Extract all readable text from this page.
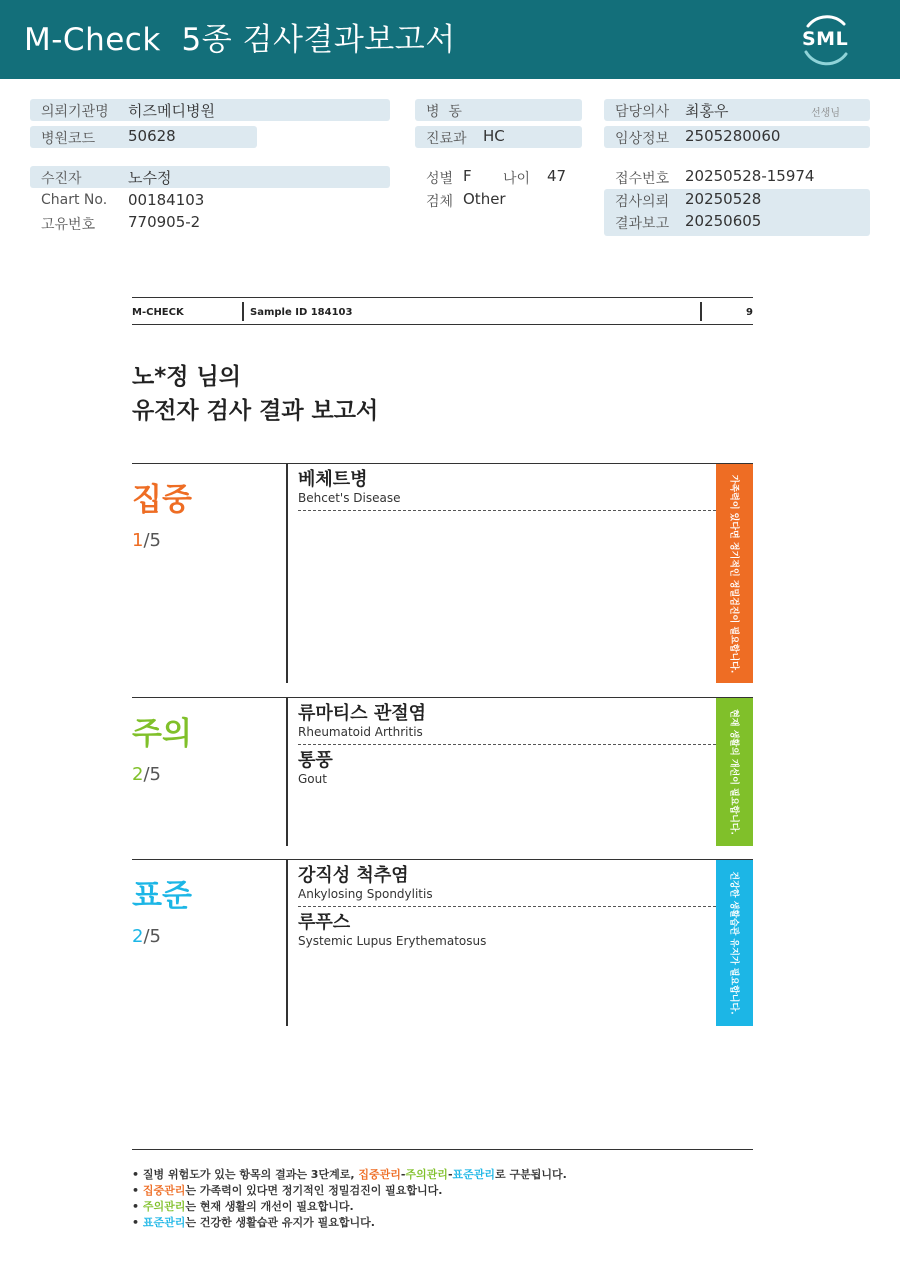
M-Check  5종 검사결과보고서	SML
의뢰기관명 히즈메디병원
병원코드 50628
병  동
진료과 HC
담당의사 최홍우	선생님
임상정보 2505280060
수진자	노수정
Chart No. 00184103
고유번호 770905-2
성별 F 나이 47
검체 Other
접수번호 20250528-15974
검사의뢰 20250528
결과보고 20250605
M-CHECK	Sample ID 184103	9
노*정 님의
유전자 검사 결과 보고서
집중
1/5
베체트병
Behcet's Disease	가족력이 있다면 정기적인 정밀검진이 필요합니다.
주의
2/5
류마티스 관절염
Rheumatoid Arthritis
통풍
Gout	현재 생활의 개선이 필요합니다.
표준
2/5
강직성 척추염
Ankylosing Spondylitis
루푸스
Systemic Lupus Erythematosus	건강한 생활습관 유지가 필요합니다.
• 질병 위험도가 있는 항목의 결과는 3단계로, 집중관리-주의관리-표준관리로 구분됩니다.
• 집중관리는 가족력이 있다면 정기적인 정밀검진이 필요합니다.
• 주의관리는 현재 생활의 개선이 필요합니다.
• 표준관리는 건강한 생활습관 유지가 필요합니다.
